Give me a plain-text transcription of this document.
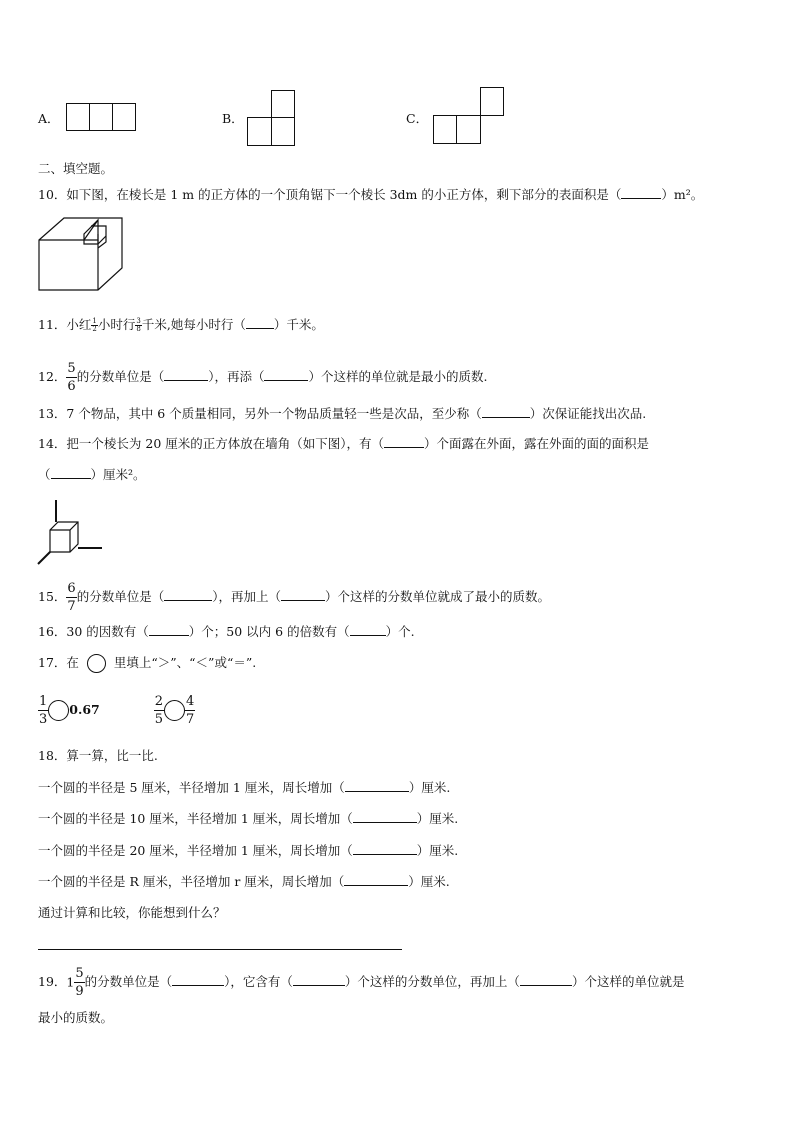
A．	B．	C．
二、填空题。
10．如下图，在棱长是 1 m 的正方体的一个顶角锯下一个棱长 3dm 的小正方体，剩下部分的表面积是（	）m²。
11．小红 $\frac{1}{2}$ 小时行 $\frac{3}{8}$ 千米,她每小时行（ ）千米。
12． $\frac{5}{6}$ 的分数单位是（	），再添（	）个这样的单位就是最小的质数.
13．7 个物品，其中 6 个质量相同，另外一个物品质量轻一些是次品，至少称（	）次保证能找出次品.
14．把一个棱长为 20 厘米的正方体放在墙角（如下图），有（	）个面露在外面，露在外面的面的面积是
（	）厘米²。
15． $\frac{6}{7}$ 的分数单位是（	），再加上（	）个这样的分数单位就成了最小的质数。
16．30 的因数有（	）个；50 以内 6 的倍数有（	）个.
17．在	里填上“＞”、“＜”或“＝”.
$\frac{1}{3} 0.67$	$\frac{2}{5} \frac{4}{7}$
18．算一算，比一比.
一个圆的半径是 5 厘米，半径增加 1 厘米，周长增加（	）厘米.
一个圆的半径是 10 厘米，半径增加 1 厘米，周长增加（	）厘米.
一个圆的半径是 20 厘米，半径增加 1 厘米，周长增加（	）厘米.
一个圆的半径是 R 厘米，半径增加 r 厘米，周长增加（	）厘米.
通过计算和比较，你能想到什么？
19．$1 \frac{5}{9}$ 的分数单位是（	），它含有（	）个这样的分数单位，再加上（	）个这样的单位就是
最小的质数。
